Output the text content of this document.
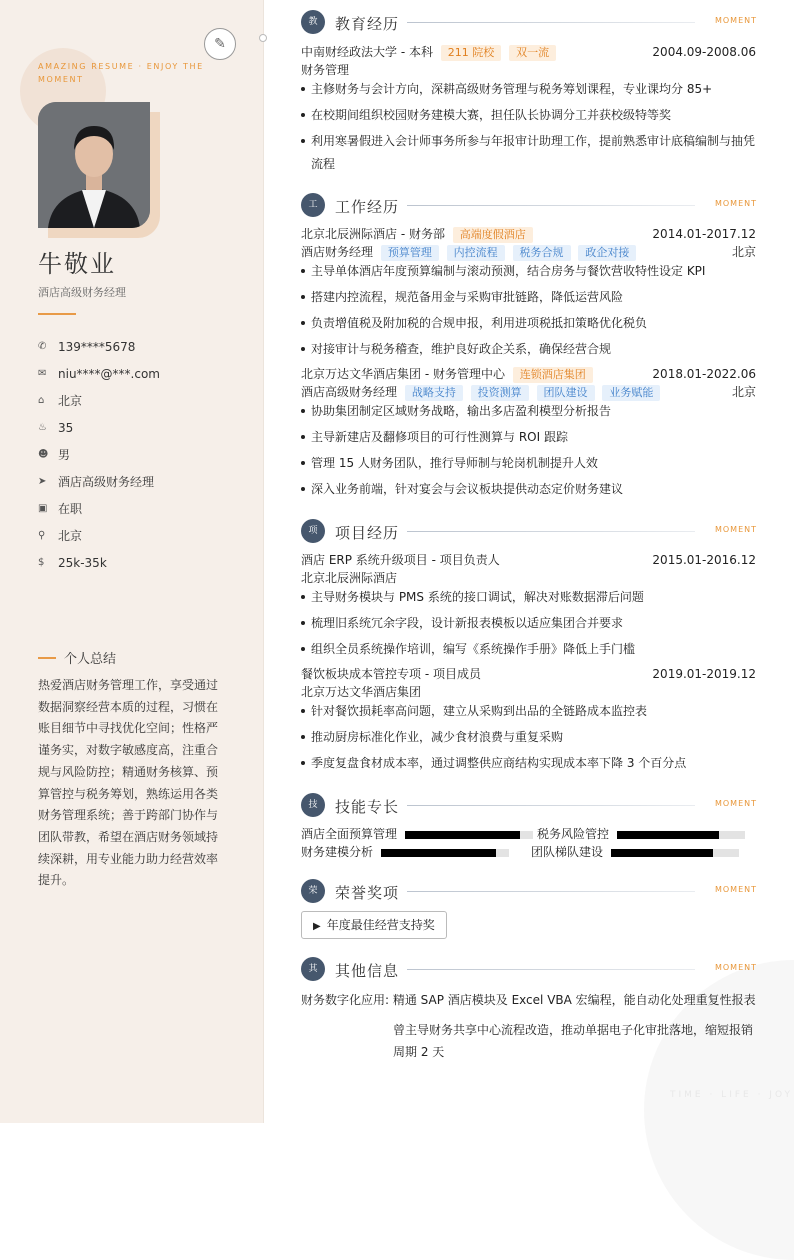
✎
AMAZING RESUME · ENJOY THE MOMENT
牛敬业
酒店高级财务经理
✆ 139****5678
✉ niu****@***.com
⌂	北京
♨ 35
☻ 男
➤ 酒店高级财务经理
▣ 在职
⚲	北京
$	25k-35k
个人总结
热爱酒店财务管理工作，享受通过数据洞察经营本质的过程，习惯在账目细节中寻找优化空间；性格严谨务实，对数字敏感度高，注重合规与风险防控；精通财务核算、预算管控与税务筹划，熟练运用各类财务管理系统；善于跨部门协作与团队带教，希望在酒店财务领域持续深耕，用专业能力助力经营效率提升。
TIME · LIFE · JOY
教	教育经历	MOMENT
中南财经政法大学 - 本科 211 院校 双一流	2004.09-2008.06
财务管理
主修财务与会计方向，深耕高级财务管理与税务筹划课程，专业课均分 85+
在校期间组织校园财务建模大赛，担任队长协调分工并获校级特等奖
利用寒暑假进入会计师事务所参与年报审计助理工作，提前熟悉审计底稿编制与抽凭流程
工	工作经历	MOMENT
北京北辰洲际酒店 - 财务部 高端度假酒店	2014.01-2017.12
酒店财务经理 预算管理 内控流程 税务合规 政企对接	北京
主导单体酒店年度预算编制与滚动预测，结合房务与餐饮营收特性设定 KPI
搭建内控流程，规范备用金与采购审批链路，降低运营风险
负责增值税及附加税的合规申报，利用进项税抵扣策略优化税负
对接审计与税务稽查，维护良好政企关系，确保经营合规
北京万达文华酒店集团 - 财务管理中心 连锁酒店集团	2018.01-2022.06
酒店高级财务经理 战略支持 投资测算 团队建设 业务赋能	北京
协助集团制定区域财务战略，输出多店盈利模型分析报告
主导新建店及翻修项目的可行性测算与 ROI 跟踪
管理 15 人财务团队，推行导师制与轮岗机制提升人效
深入业务前端，针对宴会与会议板块提供动态定价财务建议
项	项目经历	MOMENT
酒店 ERP 系统升级项目 - 项目负责人	2015.01-2016.12
北京北辰洲际酒店
主导财务模块与 PMS 系统的接口调试，解决对账数据滞后问题
梳理旧系统冗余字段，设计新报表模板以适应集团合并要求
组织全员系统操作培训，编写《系统操作手册》降低上手门槛
餐饮板块成本管控专项 - 项目成员	2019.01-2019.12
北京万达文华酒店集团
针对餐饮损耗率高问题，建立从采购到出品的全链路成本监控表
推动厨房标准化作业，减少食材浪费与重复采购
季度复盘食材成本率，通过调整供应商结构实现成本率下降 3 个百分点
技	技能专长	MOMENT
酒店全面预算管理	税务风险管控
财务建模分析	团队梯队建设
荣	荣誉奖项	MOMENT
▶ 年度最佳经营支持奖
其	其他信息	MOMENT
财务数字化应用: 精通 SAP 酒店模块及 Excel VBA 宏编程，能自动化处理重复性报表
曾主导财务共享中心流程改造，推动单据电子化审批落地，缩短报销周期 2 天
